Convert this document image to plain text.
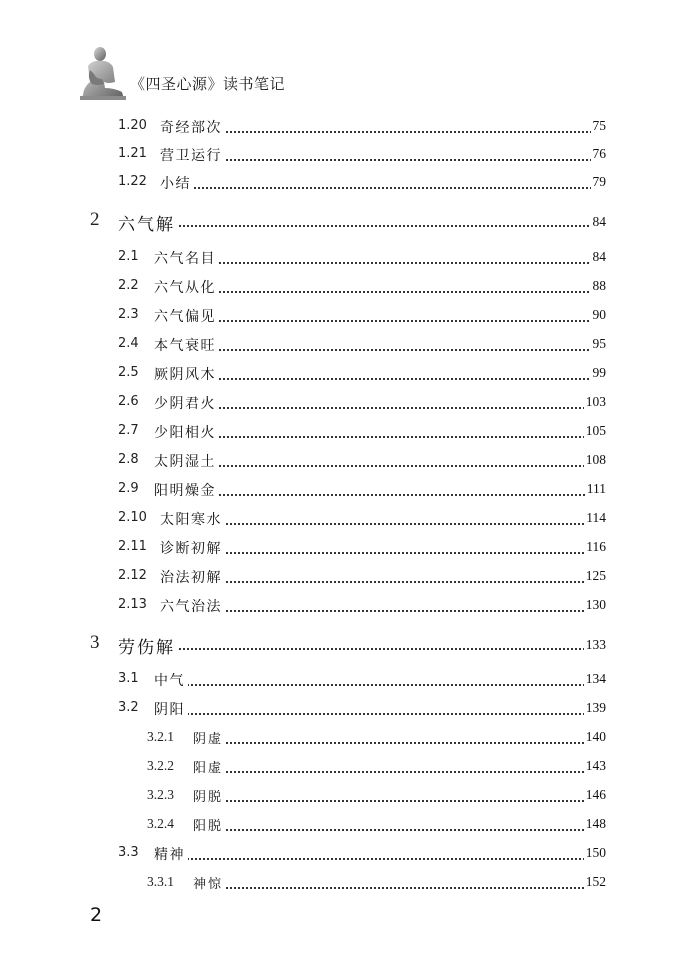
《四圣心源》读书笔记
1.20 奇经部次	75
1.21 营卫运行	76
1.22 小结	79
2 六气解	84
2.1 六气名目	84
2.2 六气从化	88
2.3 六气偏见	90
2.4 本气衰旺	95
2.5 厥阴风木	99
2.6 少阴君火	103
2.7 少阳相火	105
2.8 太阴湿土	108
2.9 阳明燥金	111
2.10 太阳寒水	114
2.11 诊断初解	116
2.12 治法初解	125
2.13 六气治法	130
3 劳伤解	133
3.1 中气	134
3.2 阴阳	139
3.2.1 阴虚	140
3.2.2 阳虚	143
3.2.3 阴脱	146
3.2.4 阳脱	148
3.3 精神	150
3.3.1 神惊	152
2
